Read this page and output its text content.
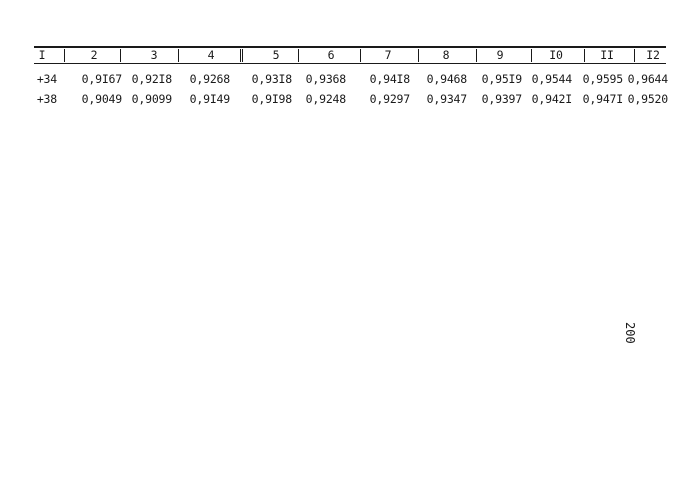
I	2	3	4	5	6	7	8	9	I0	II	I2
+34	0,9I67 0,92I8	0,9268	0,93I8	0,9368	0,94I8	0,9468	0,95I9 0,9544 0,9595 0,9644
+38	0,9049 0,9099	0,9I49	0,9I98	0,9248	0,9297	0,9347	0,9397 0,942I 0,947I 0,9520
200
